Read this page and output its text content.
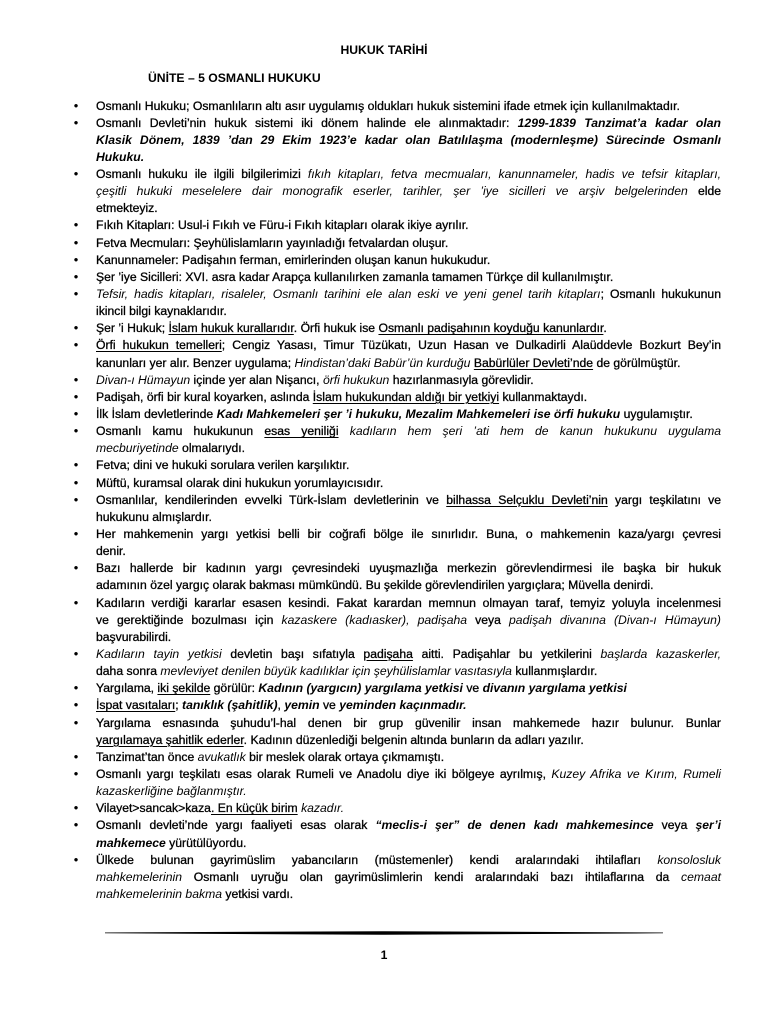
HUKUK TARİHİ
ÜNİTE – 5 OSMANLI HUKUKU
•	Osmanlı Hukuku; Osmanlıların altı asır uygulamış oldukları hukuk sistemini ifade etmek için kullanılmaktadır.
•	Osmanlı Devleti’nin hukuk sistemi iki dönem halinde ele alınmaktadır: 1299-1839 Tanzimat’a kadar olan
Klasik Dönem, 1839 ’dan 29 Ekim 1923’e kadar olan Batılılaşma (modernleşme) Sürecinde Osmanlı
Hukuku.
•	Osmanlı hukuku ile ilgili bilgilerimizi fıkıh kitapları, fetva mecmuaları, kanunnameler, hadis ve tefsir kitapları,
çeşitli hukuki meselelere dair monografik eserler, tarihler, şer ’iye sicilleri ve arşiv belgelerinden elde
etmekteyiz.
•	Fıkıh Kitapları: Usul-i Fıkıh ve Füru-i Fıkıh kitapları olarak ikiye ayrılır.
•	Fetva Mecmuları: Şeyhülislamların yayınladığı fetvalardan oluşur.
•	Kanunnameler: Padişahın ferman, emirlerinden oluşan kanun hukukudur.
•	Şer ’iye Sicilleri: XVI. asra kadar Arapça kullanılırken zamanla tamamen Türkçe dil kullanılmıştır.
•	Tefsir, hadis kitapları, risaleler, Osmanlı tarihini ele alan eski ve yeni genel tarih kitapları; Osmanlı hukukunun
ikincil bilgi kaynaklarıdır.
•	Şer ’i Hukuk; İslam hukuk kurallarıdır. Örfi hukuk ise Osmanlı padişahının koyduğu kanunlardır.
•	Örfi hukukun temelleri; Cengiz Yasası, Timur Tüzükatı, Uzun Hasan ve Dulkadirli Alaüddevle Bozkurt Bey’in
kanunları yer alır. Benzer uygulama; Hindistan’daki Babür’ün kurduğu Babürlüler Devleti’nde de görülmüştür.
•	Divan-ı Hümayun içinde yer alan Nişancı, örfi hukukun hazırlanmasıyla görevlidir.
•	Padişah, örfi bir kural koyarken, aslında İslam hukukundan aldığı bir yetkiyi kullanmaktaydı.
•	İlk İslam devletlerinde Kadı Mahkemeleri şer ’i hukuku, Mezalim Mahkemeleri ise örfi hukuku uygulamıştır.
•	Osmanlı kamu hukukunun esas yeniliği kadıların hem şeri ’ati hem de kanun hukukunu uygulama
mecburiyetinde olmalarıydı.
•	Fetva; dini ve hukuki sorulara verilen karşılıktır.
•	Müftü, kuramsal olarak dini hukukun yorumlayıcısıdır.
•	Osmanlılar, kendilerinden evvelki Türk-İslam devletlerinin ve bilhassa Selçuklu Devleti’nin yargı teşkilatını ve
hukukunu almışlardır.
•	Her mahkemenin yargı yetkisi belli bir coğrafi bölge ile sınırlıdır. Buna, o mahkemenin kaza/yargı çevresi
denir.
•	Bazı hallerde bir kadının yargı çevresindeki uyuşmazlığa merkezin görevlendirmesi ile başka bir hukuk
adamının özel yargıç olarak bakması mümkündü. Bu şekilde görevlendirilen yargıçlara; Müvella denirdi.
•	Kadıların verdiği kararlar esasen kesindi. Fakat karardan memnun olmayan taraf, temyiz yoluyla incelenmesi
ve gerektiğinde bozulması için kazaskere (kadıasker), padişaha veya padişah divanına (Divan-ı Hümayun)
başvurabilirdi.
•	Kadıların tayin yetkisi devletin başı sıfatıyla padişaha aitti. Padişahlar bu yetkilerini başlarda kazaskerler,
daha sonra mevleviyet denilen büyük kadılıklar için şeyhülislamlar vasıtasıyla kullanmışlardır.
•	Yargılama, iki şekilde görülür: Kadının (yargıcın) yargılama yetkisi ve divanın yargılama yetkisi
•	İspat vasıtaları; tanıklık (şahitlik), yemin ve yeminden kaçınmadır.
•	Yargılama esnasında şuhudu’l-hal denen bir grup güvenilir insan mahkemede hazır bulunur. Bunlar
yargılamaya şahitlik ederler. Kadının düzenlediği belgenin altında bunların da adları yazılır.
•	Tanzimat’tan önce avukatlık bir meslek olarak ortaya çıkmamıştı.
•	Osmanlı yargı teşkilatı esas olarak Rumeli ve Anadolu diye iki bölgeye ayrılmış, Kuzey Afrika ve Kırım, Rumeli
kazaskerliğine bağlanmıştır.
•	Vilayet>sancak>kaza. En küçük birim kazadır.
•	Osmanlı devleti’nde yargı faaliyeti esas olarak “meclis-i şer” de denen kadı mahkemesince veya şer’i
mahkemece yürütülüyordu.
•	Ülkede bulunan gayrimüslim yabancıların (müstemenler) kendi aralarındaki ihtilafları konsolosluk
mahkemelerinin Osmanlı uyruğu olan gayrimüslimlerin kendi aralarındaki bazı ihtilaflarına da cemaat
mahkemelerinin bakma yetkisi vardı.
1
